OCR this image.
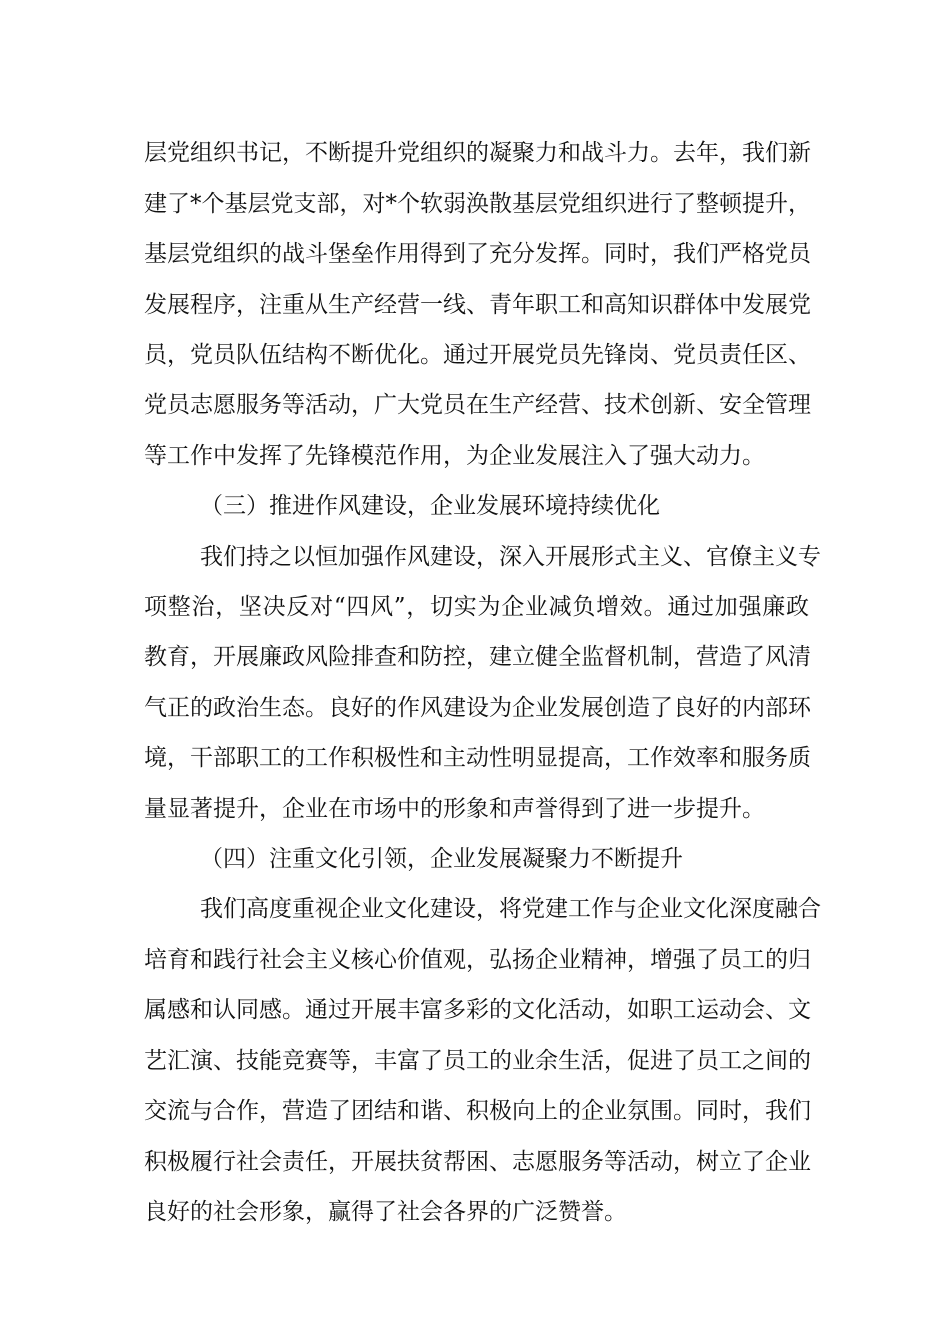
层党组织书记，不断提升党组织的凝聚力和战斗力。去年，我们新
建了*个基层党支部，对*个软弱涣散基层党组织进行了整顿提升，
基层党组织的战斗堡垒作用得到了充分发挥。同时，我们严格党员
发展程序，注重从生产经营一线、青年职工和高知识群体中发展党
员，党员队伍结构不断优化。通过开展党员先锋岗、党员责任区、
党员志愿服务等活动，广大党员在生产经营、技术创新、安全管理
等工作中发挥了先锋模范作用，为企业发展注入了强大动力。
（三）推进作风建设，企业发展环境持续优化
我们持之以恒加强作风建设，深入开展形式主义、官僚主义专
项整治，坚决反对“四风”，切实为企业减负增效。通过加强廉政
教育，开展廉政风险排查和防控，建立健全监督机制，营造了风清
气正的政治生态。良好的作风建设为企业发展创造了良好的内部环
境，干部职工的工作积极性和主动性明显提高，工作效率和服务质
量显著提升，企业在市场中的形象和声誉得到了进一步提升。
（四）注重文化引领，企业发展凝聚力不断提升
我们高度重视企业文化建设，将党建工作与企业文化深度融合
培育和践行社会主义核心价值观，弘扬企业精神，增强了员工的归
属感和认同感。通过开展丰富多彩的文化活动，如职工运动会、文
艺汇演、技能竞赛等，丰富了员工的业余生活，促进了员工之间的
交流与合作，营造了团结和谐、积极向上的企业氛围。同时，我们
积极履行社会责任，开展扶贫帮困、志愿服务等活动，树立了企业
良好的社会形象，赢得了社会各界的广泛赞誉。
